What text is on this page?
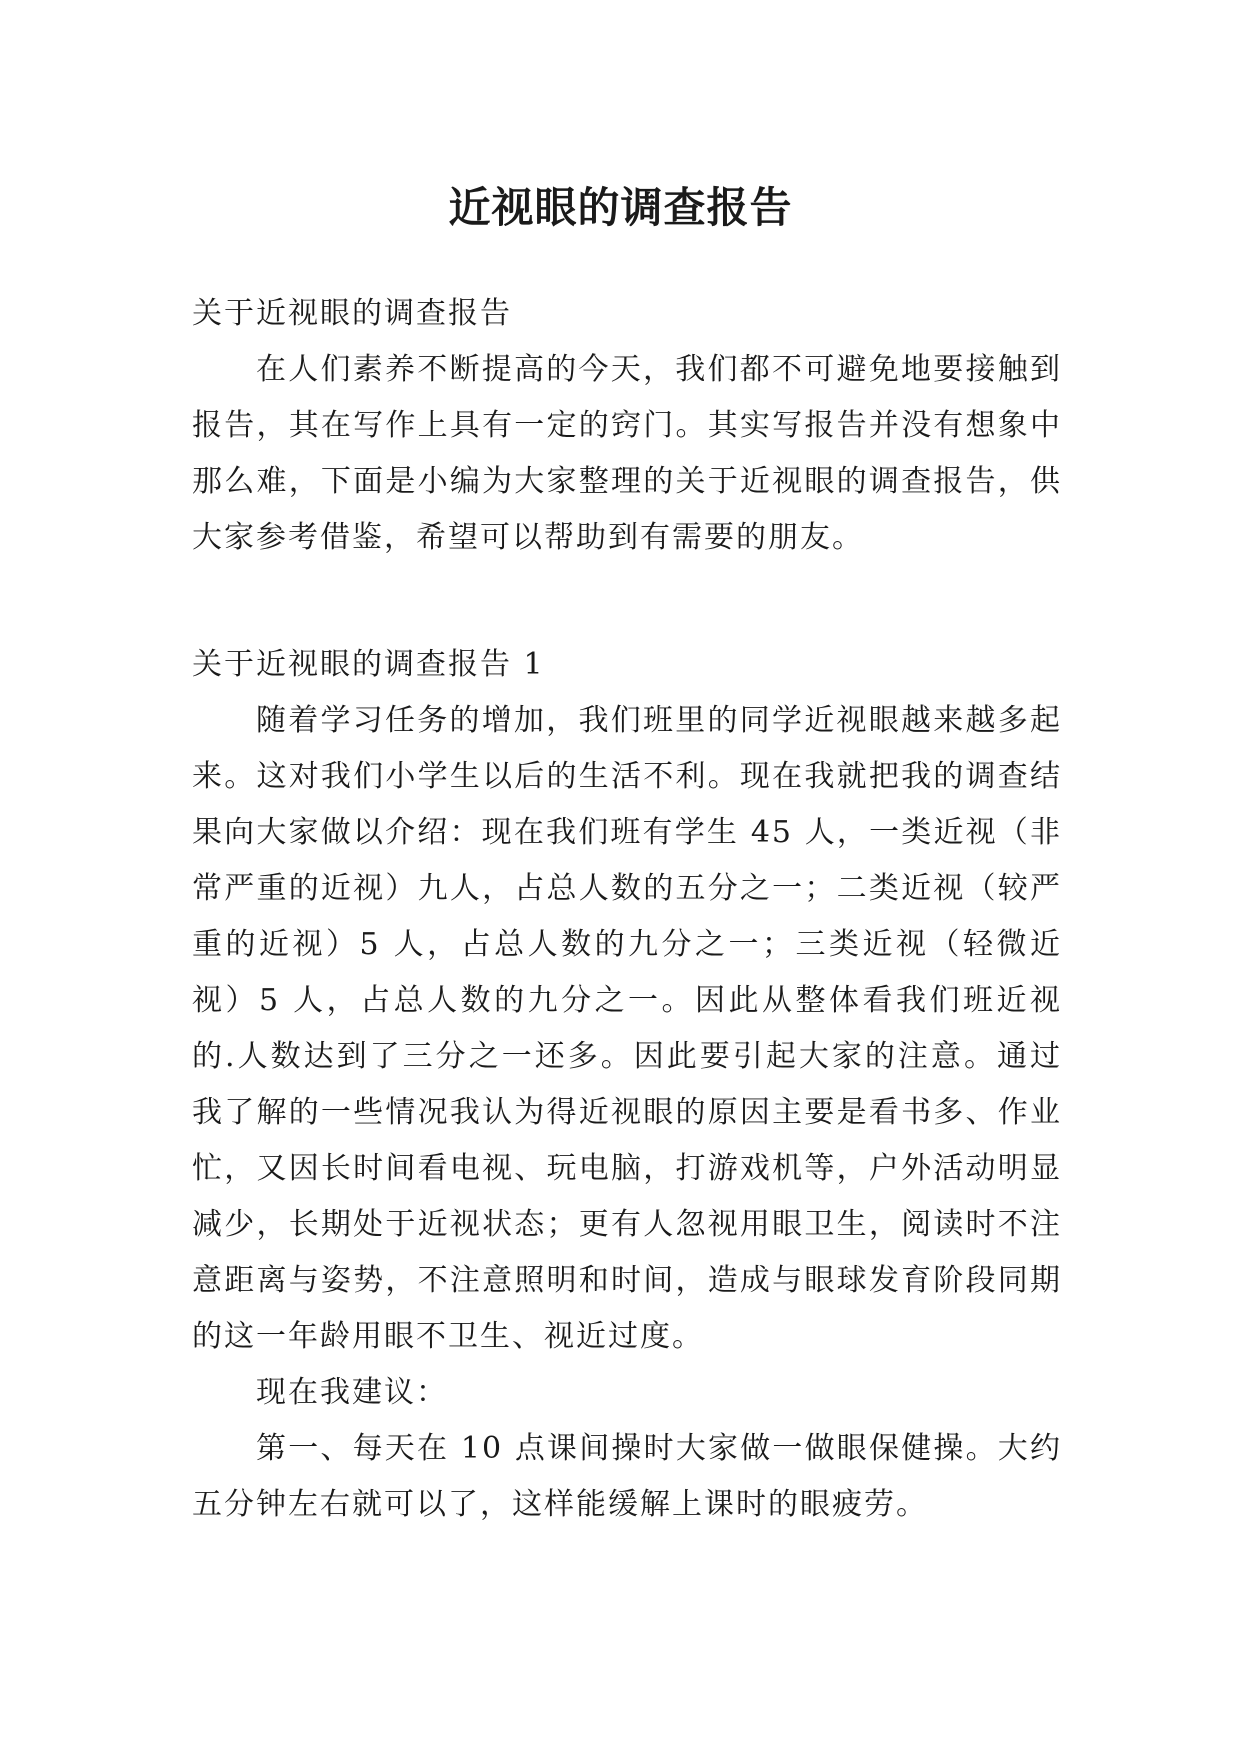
近视眼的调查报告

关于近视眼的调查报告

在人们素养不断提高的今天，我们都不可避免地要接触到报告，其在写作上具有一定的窍门。其实写报告并没有想象中那么难，下面是小编为大家整理的关于近视眼的调查报告，供大家参考借鉴，希望可以帮助到有需要的朋友。

关于近视眼的调查报告 1

随着学习任务的增加，我们班里的同学近视眼越来越多起来。这对我们小学生以后的生活不利。现在我就把我的调查结果向大家做以介绍：现在我们班有学生 45 人，一类近视（非常严重的近视）九人，占总人数的五分之一；二类近视（较严重的近视）5 人，占总人数的九分之一；三类近视（轻微近视）5 人，占总人数的九分之一。因此从整体看我们班近视的.人数达到了三分之一还多。因此要引起大家的注意。通过我了解的一些情况我认为得近视眼的原因主要是看书多、作业忙，又因长时间看电视、玩电脑，打游戏机等，户外活动明显减少，长期处于近视状态；更有人忽视用眼卫生，阅读时不注意距离与姿势，不注意照明和时间，造成与眼球发育阶段同期的这一年龄用眼不卫生、视近过度。

现在我建议：

第一、每天在 10 点课间操时大家做一做眼保健操。大约五分钟左右就可以了，这样能缓解上课时的眼疲劳。
